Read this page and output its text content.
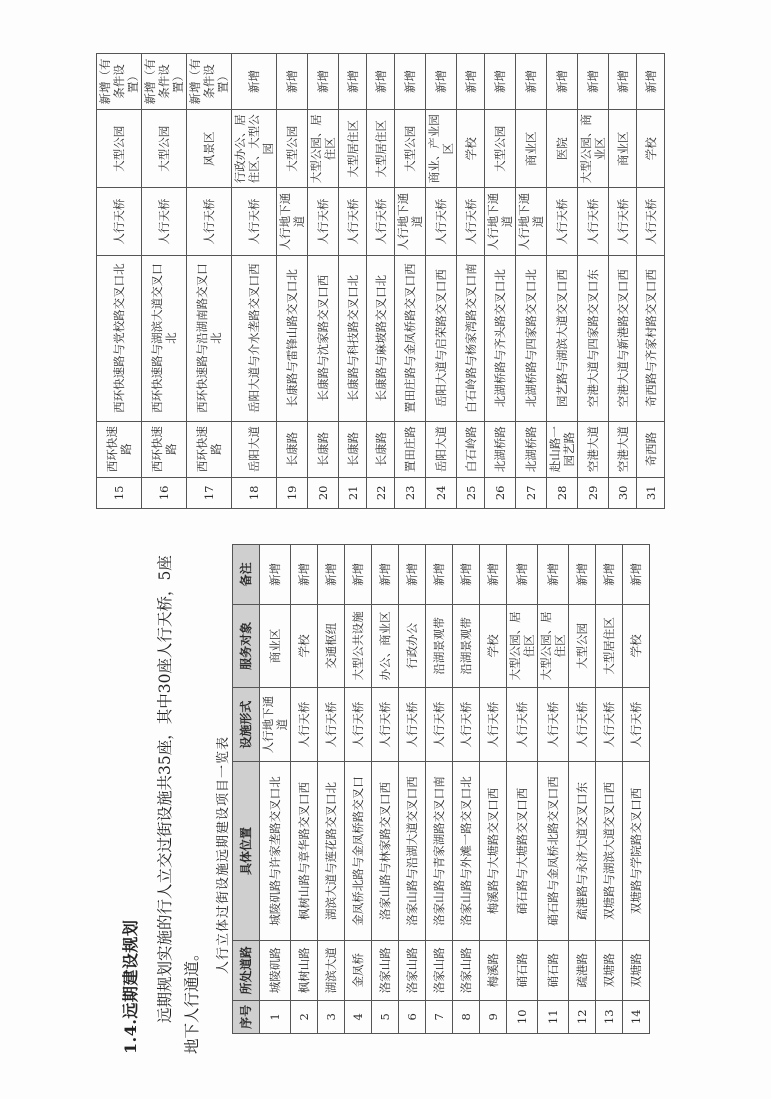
1.4.远期建设规划 远期规划实施的行人立交过街设施共35座，其中30座人行天桥，5座地下人行通道。
人行立体过街设施远期建设项目一览表
序号	所处道路	具体位置	设施形式	服务对象	备注
1	城陵矶路	城陵矶路与许家垄路交叉口北	人行地下通道	商业区	新增
2	枫树山路	枫树山路与章华路交叉口西	人行天桥	学校	新增
3	湖滨大道	湖滨大道与莲花路交叉口北	人行天桥	交通枢纽	新增
4	金凤桥	金凤桥北路与金凤桥路交叉口	人行天桥	大型公共设施	新增
5	洛家山路	洛家山路与林家路交叉口西	人行天桥	办公、商业区	新增
6	洛家山路	洛家山路与沿湖大道交叉口西	人行天桥	行政办公	新增
7	洛家山路	洛家山路与青家湖路交叉口南	人行天桥	沿湖景观带	新增
8	洛家山路	洛家山路与外滩一路交叉口北	人行天桥	沿湖景观带	新增
9	梅溪路	梅溪路与大塘路交叉口西	人行天桥	学校	新增
10	硝石路	硝石路与大塘路交叉口西	人行天桥	大型公园、居住区	新增
11	硝石路	硝石路与金凤桥北路交叉口西	人行天桥	大型公园、居住区	新增
12	疏港路	疏港路与永济大道交叉口东	人行天桥	大型公园	新增
13	双塘路	双塘路与湖滨大道交叉口西	人行天桥	大型居住区	新增
14	双塘路	双塘路与学院路交叉口西	人行天桥	学校	新增
15	西环快速路	西环快速路与党校路交叉口北	人行天桥	大型公园	新增（有条件设置）
16	西环快速路	西环快速路与湖滨大道交叉口北	人行天桥	大型公园	新增（有条件设置）
17	西环快速路	西环快速路与沿湖南路交叉口北	人行天桥	风景区	新增（有条件设置）
18	岳阳大道	岳阳大道与介水垄路交叉口西	人行天桥	行政办公、居住区、大型公园	新增
19	长康路	长康路与雷锋山路交叉口北	人行地下通道	大型公园	新增
20	长康路	长康路与沈家路交叉口西	人行天桥	大型公园、居住区	新增
21	长康路	长康路与科技路交叉口北	人行天桥	大型居住区	新增
22	长康路	长康路与麻坡路交叉口北	人行天桥	大型居住区	新增
23	置田庄路	置田庄路与金凤桥路交叉口西	人行地下通道	大型公园	新增
24	岳阳大道	岳阳大道与启荣路交叉口西	人行天桥	商业、产业园区	新增
25	白石岭路	白石岭路与杨家湾路交叉口南	人行天桥	学校	新增
26	北湖桥路	北湖桥路与齐头路交叉口北	人行地下通道	大型公园	新增
27	北湖桥路	北湖桥路与四家路交叉口北	人行地下通道	商业区	新增
28	赴山路一园艺路	园艺路与湖滨大道交叉口西	人行天桥	医院	新增
29	空港大道	空港大道与四家路交叉口东	人行天桥	大型公园、商业区	新增
30	空港大道	空港大道与新港路交叉口西	人行天桥	商业区	新增
31	奇西路	奇西路与齐家村路交叉口西	人行天桥	学校	新增
